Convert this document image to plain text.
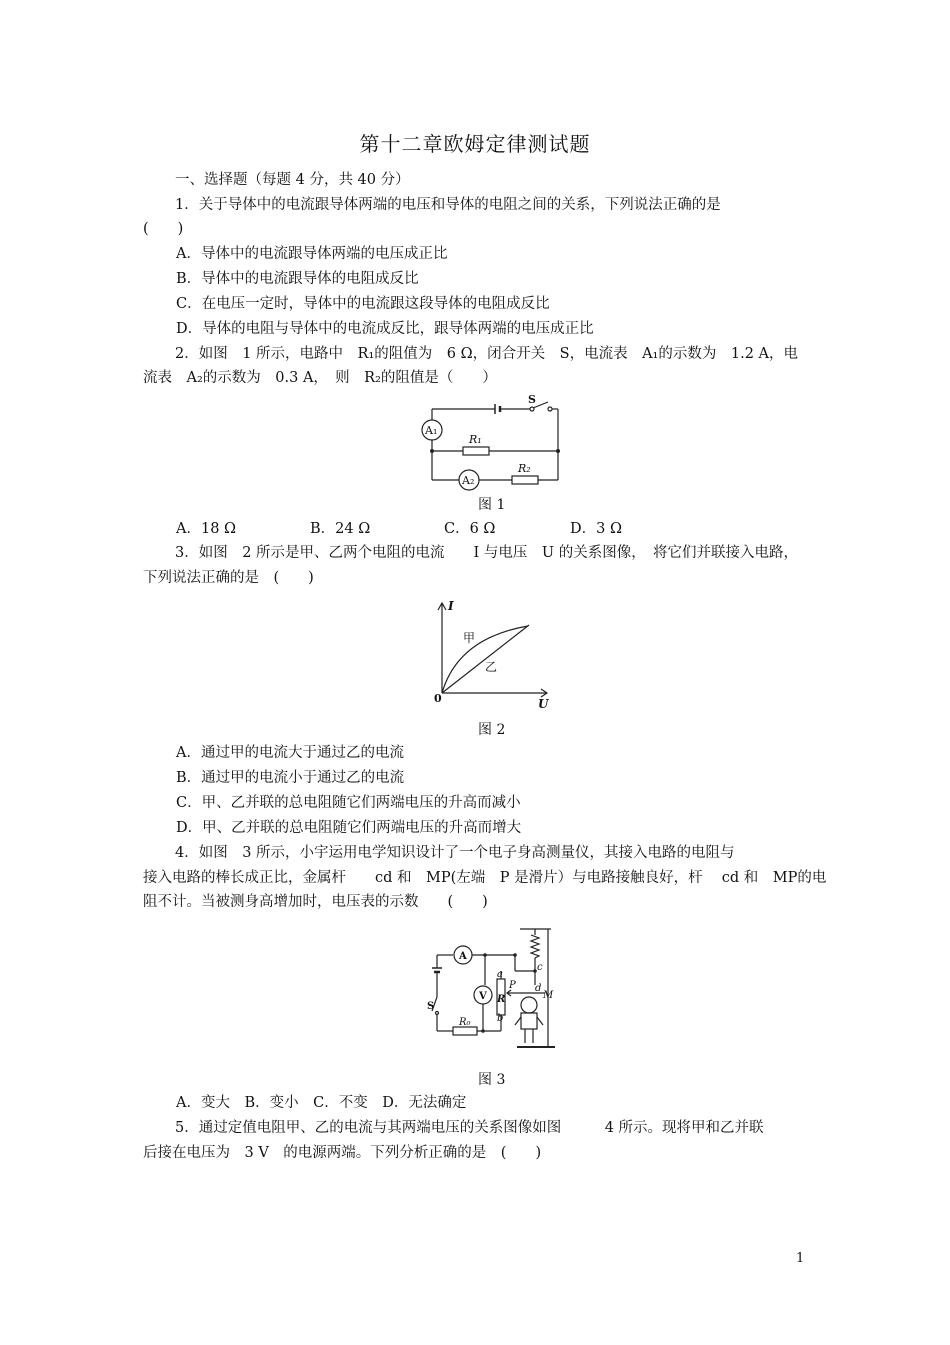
第十二章欧姆定律测试题
一、选择题（每题 4 分，共 40 分）
1．关于导体中的电流跟导体两端的电压和导体的电阻之间的关系，下列说法正确的是
(　　)
A．导体中的电流跟导体两端的电压成正比
B．导体中的电流跟导体的电阻成反比
C．在电压一定时，导体中的电流跟这段导体的电阻成反比
D．导体的电阻与导体中的电流成反比，跟导体两端的电压成正比
2．如图　1 所示，电路中　R₁的阻值为　6 Ω，闭合开关　S，电流表　A₁的示数为　1.2 A，电
流表　A₂的示数为　0.3 A，　则　R₂的阻值是（　　）
A₁
A₂
R₁
R₂
S
图 1
A．18 Ω	B．24 Ω	C．6 Ω	D．3 Ω
3．如图　2 所示是甲、乙两个电阻的电流　　I 与电压　U 的关系图像，　将它们并联接入电路，
下列说法正确的是　(　　)
I
U
0
甲
乙
图 2
A．通过甲的电流大于通过乙的电流
B．通过甲的电流小于通过乙的电流
C．甲、乙并联的总电阻随它们两端电压的升高而减小
D．甲、乙并联的总电阻随它们两端电压的升高而增大
4．如图　3 所示，小宇运用电学知识设计了一个电子身高测量仪，其接入电路的电阻与
接入电路的棒长成正比，金属杆　　cd 和　MP(左端　P 是滑片）与电路接触良好，杆　 cd 和　MP的电
阻不计。当被测身高增加时，电压表的示数　　(　　)
A
V
S
R₀
R
a
b
c
d
P
M
图 3
A．变大　B．变小　C．不变　D．无法确定
5．通过定值电阻甲、乙的电流与其两端电压的关系图像如图　　　4 所示。现将甲和乙并联
后接在电压为　3 V　的电源两端。下列分析正确的是　(　　)
1
